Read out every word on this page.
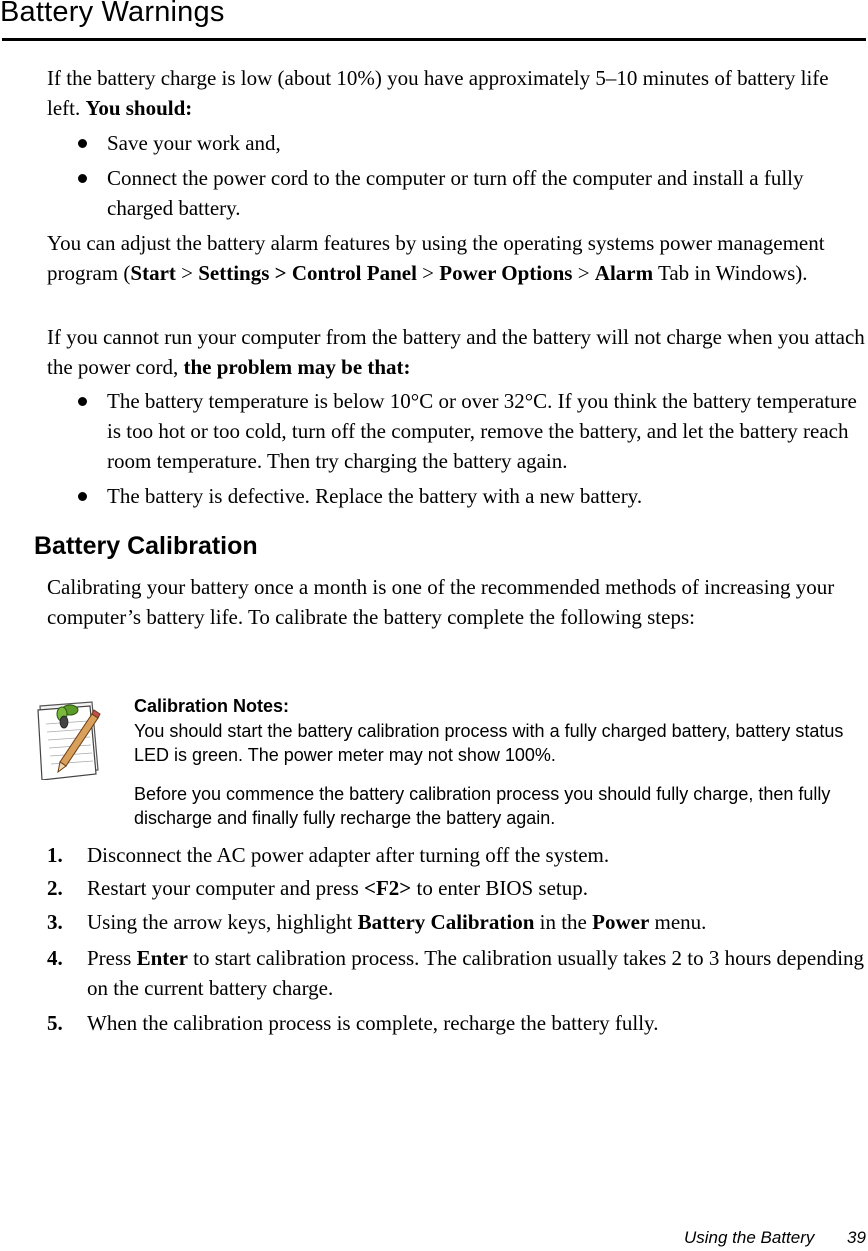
Battery Warnings

If the battery charge is low (about 10%) you have approximately 5–10 minutes of battery life left. You should:

Save your work and,
Connect the power cord to the computer or turn off the computer and install a fully charged battery.

You can adjust the battery alarm features by using the operating systems power management program (Start > Settings > Control Panel > Power Options > Alarm Tab in Windows).

If you cannot run your computer from the battery and the battery will not charge when you attach the power cord, the problem may be that:

The battery temperature is below 10°C or over 32°C. If you think the battery temperature is too hot or too cold, turn off the computer, remove the battery, and let the battery reach room temperature. Then try charging the battery again.
The battery is defective. Replace the battery with a new battery.
Battery Calibration

Calibrating your battery once a month is one of the recommended methods of increasing your computer’s battery life. To calibrate the battery complete the following steps:

Calibration Notes:
You should start the battery calibration process with a fully charged battery, battery status LED is green. The power meter may not show 100%.
Before you commence the battery calibration process you should fully charge, then fully discharge and finally fully recharge the battery again.
1. Disconnect the AC power adapter after turning off the system.
2. Restart your computer and press <F2> to enter BIOS setup.
3. Using the arrow keys, highlight Battery Calibration in the Power menu.
4. Press Enter to start calibration process. The calibration usually takes 2 to 3 hours depending on the current battery charge.
5. When the calibration process is complete, recharge the battery fully.
Using the Battery 39
